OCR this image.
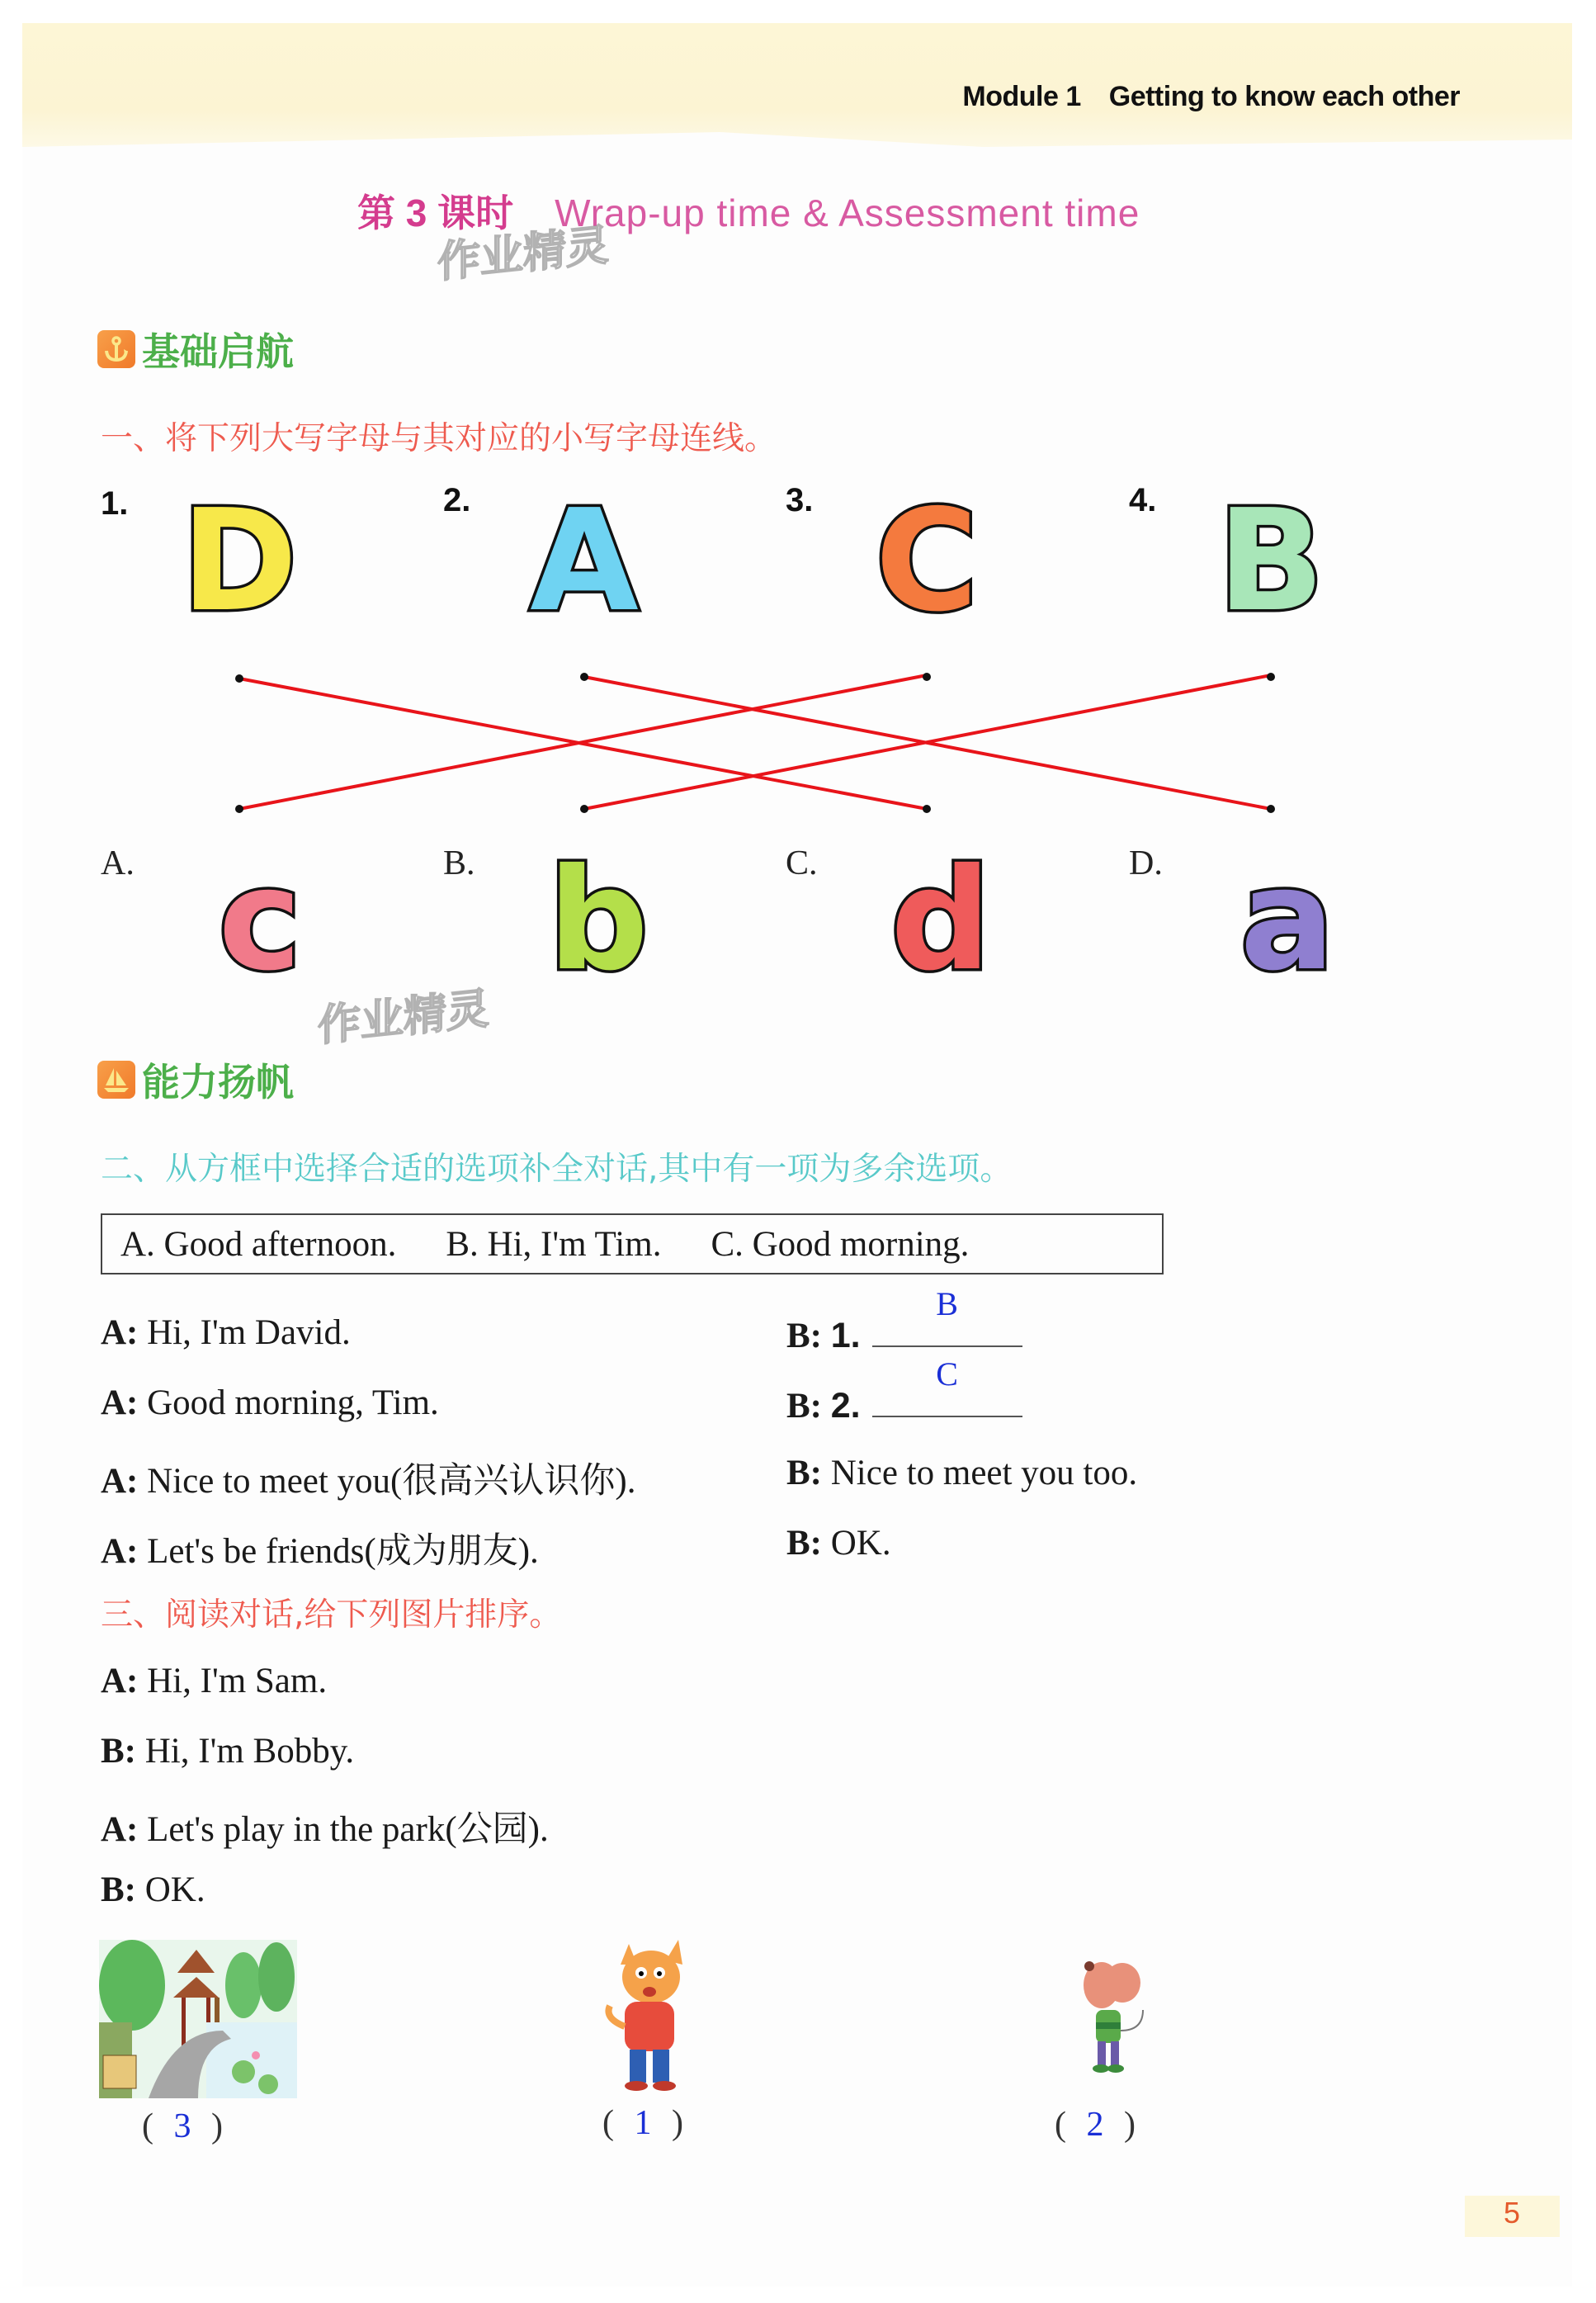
Module 1 Getting to know each other
第 3 课时 Wrap-up time & Assessment time
作业精灵
作业精灵
基础启航
一、将下列大写字母与其对应的小写字母连线。
1.	2.	3.	4.
D A C B
A.	B.	C.	D.
c b d a
能力扬帆
二、从方框中选择合适的选项补全对话,其中有一项为多余选项。
A. Good afternoon. B. Hi, I'm Tim. C. Good morning.
A: Hi, I'm David.
A: Good morning, Tim.
A: Nice to meet you(很高兴认识你).
A: Let's be friends(成为朋友).
B: 1.
B
B: 2.
C
B: Nice to meet you too.
B: OK.
三、阅读对话,给下列图片排序。
A: Hi, I'm Sam.
B: Hi, I'm Bobby.
A: Let's play in the park(公园).
B: OK.
( 3 )	( 1 )	( 2 )
5
